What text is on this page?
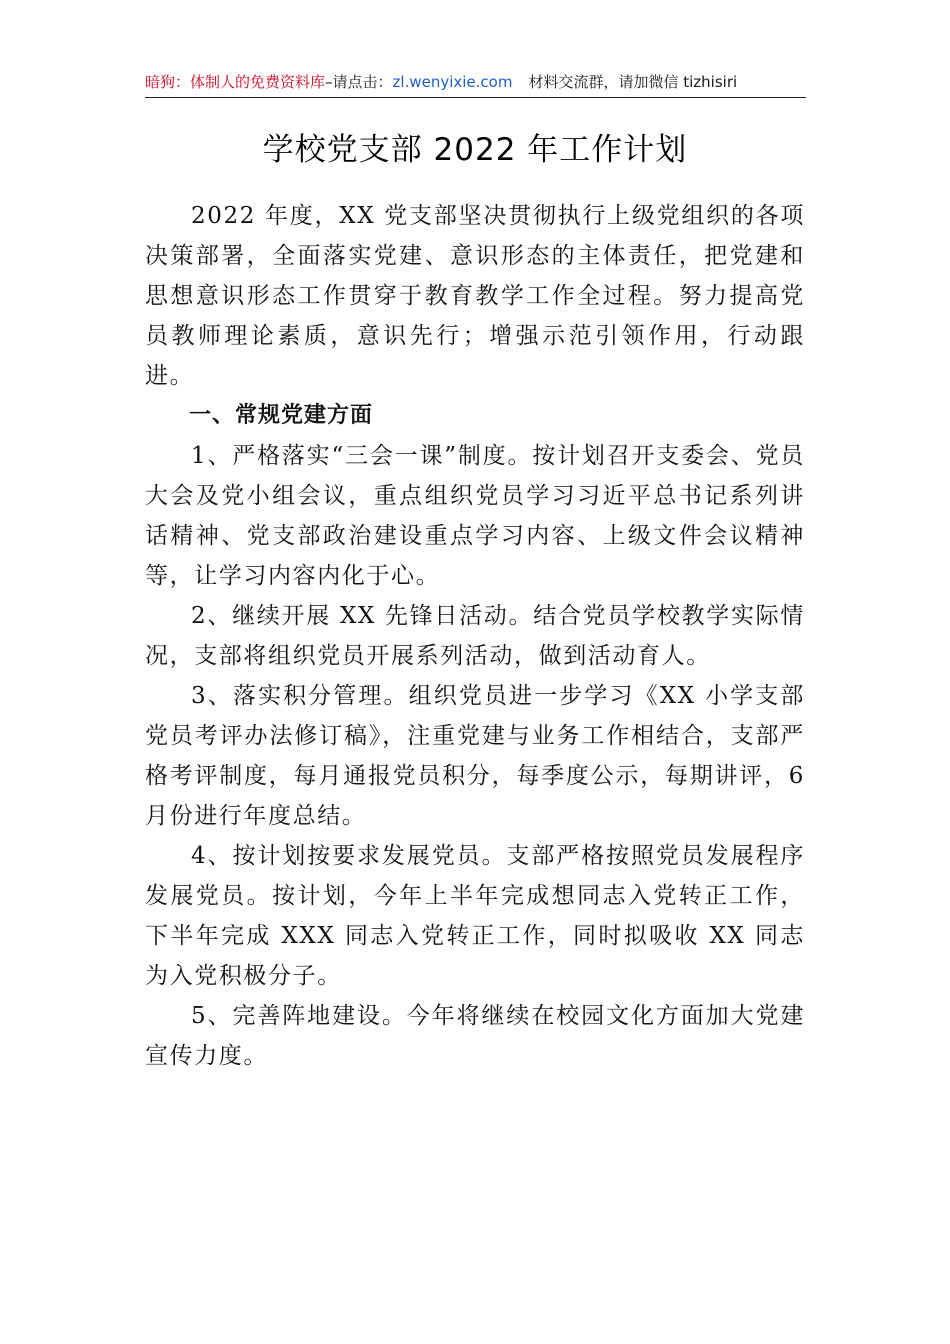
暗狗：体制人的免费资料库–请点击：zl.wenyixie.com 材料交流群，请加微信 tizhisiri
学校党支部 2022 年工作计划

2022 年度，XX 党支部坚决贯彻执行上级党组织的各项决策部署，全面落实党建、意识形态的主体责任，把党建和思想意识形态工作贯穿于教育教学工作全过程。努力提高党员教师理论素质，意识先行；增强示范引领作用，行动跟进。

一、常规党建方面

1、严格落实“三会一课”制度。按计划召开支委会、党员大会及党小组会议，重点组织党员学习习近平总书记系列讲话精神、党支部政治建设重点学习内容、上级文件会议精神等，让学习内容内化于心。

2、继续开展 XX 先锋日活动。结合党员学校教学实际情况，支部将组织党员开展系列活动，做到活动育人。

3、落实积分管理。组织党员进一步学习《XX 小学支部党员考评办法修订稿》，注重党建与业务工作相结合，支部严格考评制度，每月通报党员积分，每季度公示，每期讲评，6 月份进行年度总结。

4、按计划按要求发展党员。支部严格按照党员发展程序发展党员。按计划，今年上半年完成想同志入党转正工作，下半年完成 XXX 同志入党转正工作，同时拟吸收 XX 同志为入党积极分子。

5、完善阵地建设。今年将继续在校园文化方面加大党建宣传力度。
